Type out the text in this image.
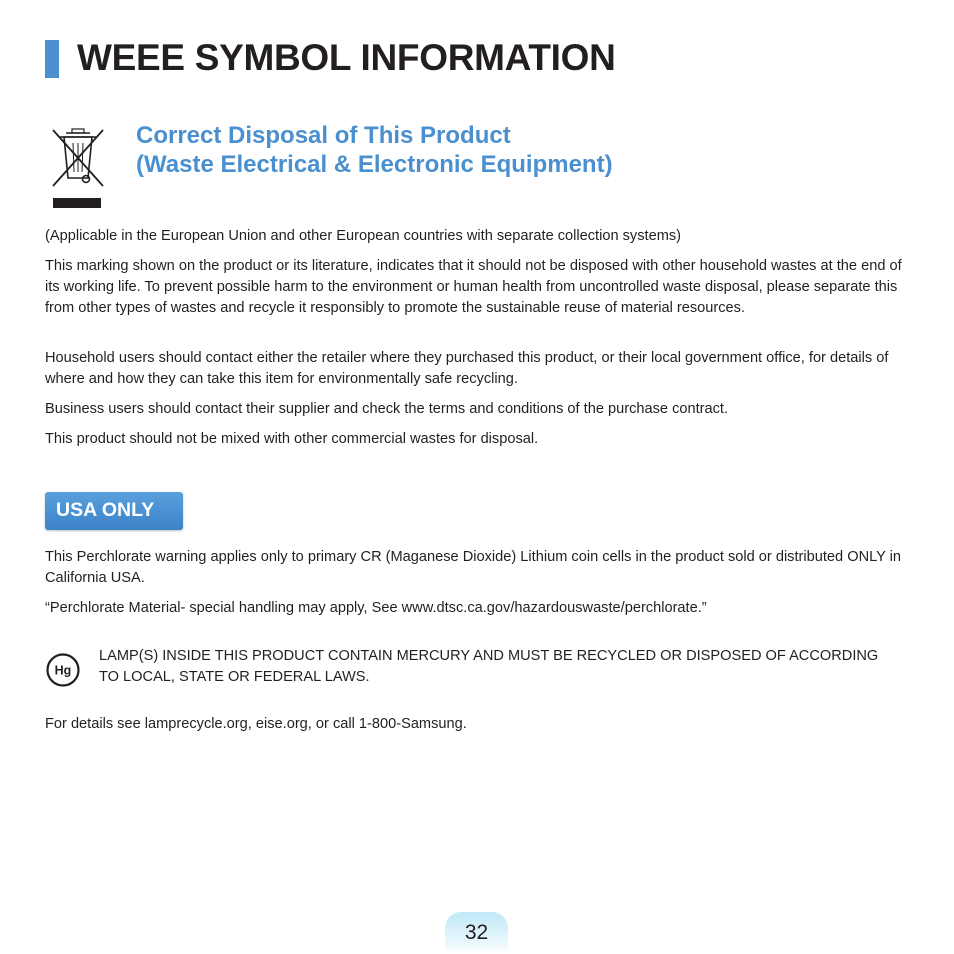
WEEE SYMBOL INFORMATION
Correct Disposal of This Product
(Waste Electrical & Electronic Equipment)

(Applicable in the European Union and other European countries with separate collection systems)

This marking shown on the product or its literature, indicates that it should not be disposed with other household wastes at the end of its working life. To prevent possible harm to the environment or human health from uncontrolled waste disposal, please separate this from other types of wastes and recycle it responsibly to promote the sustainable reuse of material resources.

Household users should contact either the retailer where they purchased this product, or their local government office, for details of where and how they can take this item for environmentally safe recycling.

Business users should contact their supplier and check the terms and conditions of the purchase contract.

This product should not be mixed with other commercial wastes for disposal.

USA ONLY

This Perchlorate warning applies only to primary CR (Maganese Dioxide) Lithium coin cells in the product sold or distributed ONLY in California USA.

“Perchlorate Material- special handling may apply, See www.dtsc.ca.gov/hazardouswaste/perchlorate.”

Hg

LAMP(S) INSIDE THIS PRODUCT CONTAIN MERCURY AND MUST BE RECYCLED OR DISPOSED OF ACCORDING TO LOCAL, STATE OR FEDERAL LAWS.

For details see lamprecycle.org, eise.org, or call 1-800-Samsung.

32
